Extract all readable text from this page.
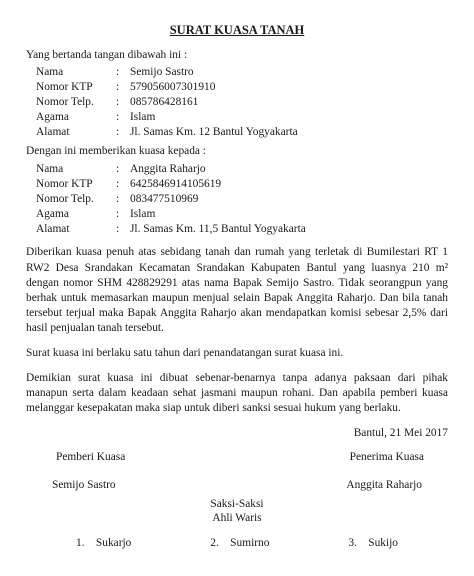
SURAT KUASA TANAH

Yang bertanda tangan dibawah ini :

Nama	: Semijo Sastro
Nomor KTP	: 579056007301910
Nomor Telp.	: 085786428161
Agama	: Islam
Alamat	: Jl. Samas Km. 12 Bantul Yogyakarta

Dengan ini memberikan kuasa kepada :

Nama	: Anggita Raharjo
Nomor KTP	: 6425846914105619
Nomor Telp.	: 083477510969
Agama	: Islam
Alamat	: Jl. Samas Km. 11,5 Bantul Yogyakarta

Diberikan kuasa penuh atas sebidang tanah dan rumah yang terletak di Bumilestari RT 1 RW2 Desa Srandakan Kecamatan Srandakan Kabupaten Bantul yang luasnya 210 m² dengan nomor SHM 428829291 atas nama Bapak Semijo Sastro. Tidak seorangpun yang berhak untuk memasarkan maupun menjual selain Bapak Anggita Raharjo. Dan bila tanah tersebut terjual maka Bapak Anggita Raharjo akan mendapatkan komisi sebesar 2,5% dari hasil penjualan tanah tersebut.

Surat kuasa ini berlaku satu tahun dari penandatangan surat kuasa ini.

Demikian surat kuasa ini dibuat sebenar-benarnya tanpa adanya paksaan dari pihak manapun serta dalam keadaan sehat jasmani maupun rohani. Dan apabila pemberi kuasa melanggar kesepakatan maka siap untuk diberi sanksi sesuai hukum yang berlaku.

Bantul, 21 Mei 2017
Pemberi Kuasa	Penerima Kuasa
Semijo Sastro	Anggita Raharjo
Saksi-Saksi
Ahli Waris
1.    Sukarjo	2.    Sumirno	3.    Sukijo
